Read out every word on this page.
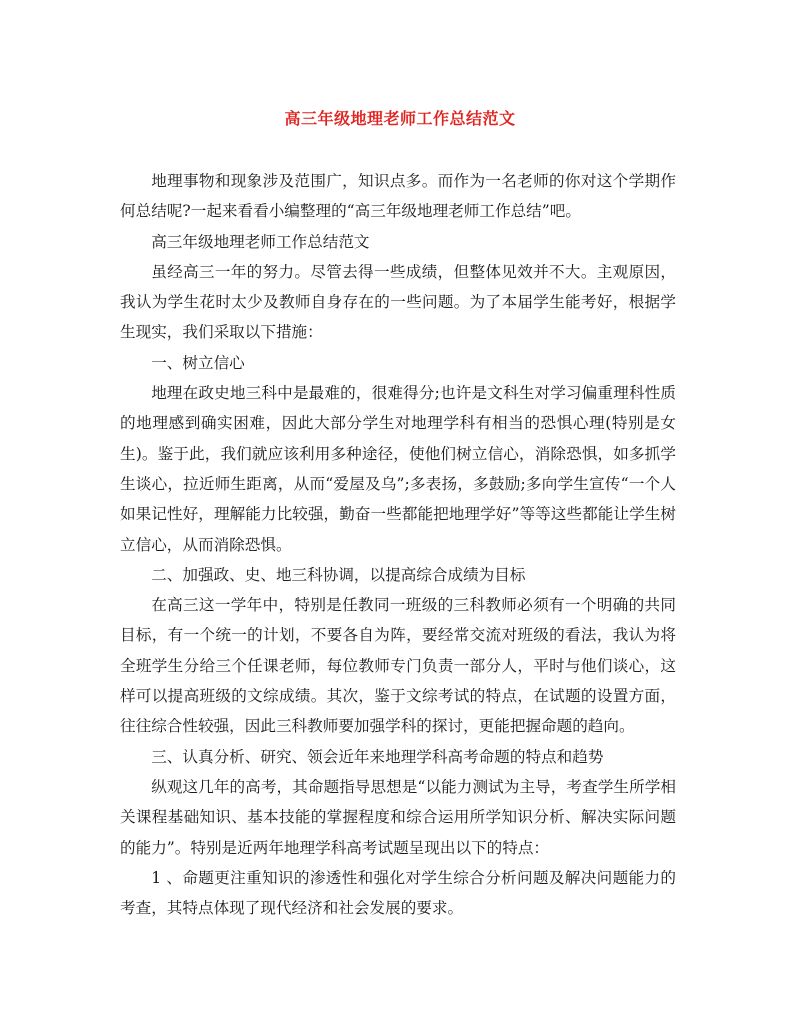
高三年级地理老师工作总结范文

地理事物和现象涉及范围广，知识点多。而作为一名老师的你对这个学期作何总结呢?一起来看看小编整理的“高三年级地理老师工作总结”吧。

高三年级地理老师工作总结范文

虽经高三一年的努力。尽管去得一些成绩，但整体见效并不大。主观原因，我认为学生花时太少及教师自身存在的一些问题。为了本届学生能考好，根据学生现实，我们采取以下措施：

一、树立信心

地理在政史地三科中是最难的，很难得分;也许是文科生对学习偏重理科性质的地理感到确实困难，因此大部分学生对地理学科有相当的恐惧心理(特别是女生)。鉴于此，我们就应该利用多种途径，使他们树立信心，消除恐惧，如多抓学生谈心，拉近师生距离，从而“爱屋及乌”;多表扬，多鼓励;多向学生宣传“一个人如果记性好，理解能力比较强，勤奋一些都能把地理学好”等等这些都能让学生树立信心，从而消除恐惧。

二、加强政、史、地三科协调，以提高综合成绩为目标

在高三这一学年中，特别是任教同一班级的三科教师必须有一个明确的共同目标，有一个统一的计划，不要各自为阵，要经常交流对班级的看法，我认为将全班学生分给三个任课老师，每位教师专门负责一部分人，平时与他们谈心，这样可以提高班级的文综成绩。其次，鉴于文综考试的特点，在试题的设置方面，往往综合性较强，因此三科教师要加强学科的探讨，更能把握命题的趋向。

三、认真分析、研究、领会近年来地理学科高考命题的特点和趋势

纵观这几年的高考，其命题指导思想是“以能力测试为主导，考查学生所学相关课程基础知识、基本技能的掌握程度和综合运用所学知识分析、解决实际问题的能力”。特别是近两年地理学科高考试题呈现出以下的特点：

1 、命题更注重知识的渗透性和强化对学生综合分析问题及解决问题能力的考查，其特点体现了现代经济和社会发展的要求。
